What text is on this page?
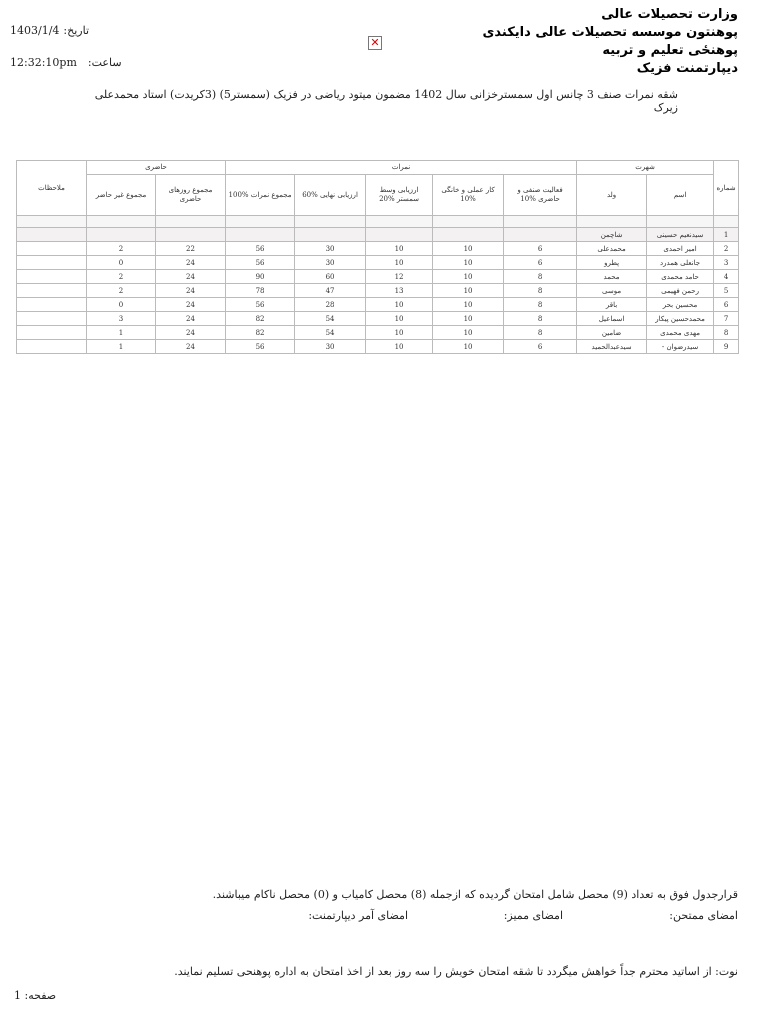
وزارت تحصیلات عالی
پوهنتون موسسه تحصیلات عالی دایکندی
پوهنځی تعلیم و تربیه
دیپارتمنت فزیک
تاریخ:1403/1/4
ساعت:  12:32:10pm
✕
شقه نمرات صنف 3 چانس اول سمسترخزانی سال 1402 مضمون میتود ریاضی در فزیک (سمستر5) (3کریدت) استاد محمدعلی زیرک
شماره	شهرت		نمرات					حاضری		ملاحظات
	اسم	ولد	فعالیت صنفی و حاضری %10	کار عملی و خانگی %10	ارزیابی وسط سمستر %20	ارزیابی نهایی %60	مجموع نمرات %100	مجموع روزهای حاضری	مجموع غیر حاضر	

1	سیدنعیم حسینی	شاچمن								
2	امیر احمدی	محمدعلی	6	10	10	30	56	22	2	
3	جانعلی همدرد	پطرو	6	10	10	30	56	24	0	
4	حامد محمدی	محمد	8	10	12	60	90	24	2	
5	رحمن فهیمی	موسی	8	10	13	47	78	24	2	
6	محسین بحر	باقر	8	10	10	28	56	24	0	
7	محمدحسین پیکار	اسماعیل	8	10	10	54	82	24	3	
8	مهدی محمدی	ضامین	8	10	10	54	82	24	1	
9	سیدرضوان -	سیدعبدالحمید	6	10	10	30	56	24	1	
قرارجدول فوق به تعداد (9) محصل شامل امتحان گردیده که ازجمله (8) محصل کامیاب و (0) محصل ناکام میباشند.
امضای ممتحن:
امضای ممیز:
امضای آمر دیپارتمنت:
نوت: از اساتید محترم جداً خواهش میگردد تا شقه امتحان خویش را سه روز بعد از اخذ امتحان به اداره پوهنحی تسلیم نمایند.
صفحه: 1
